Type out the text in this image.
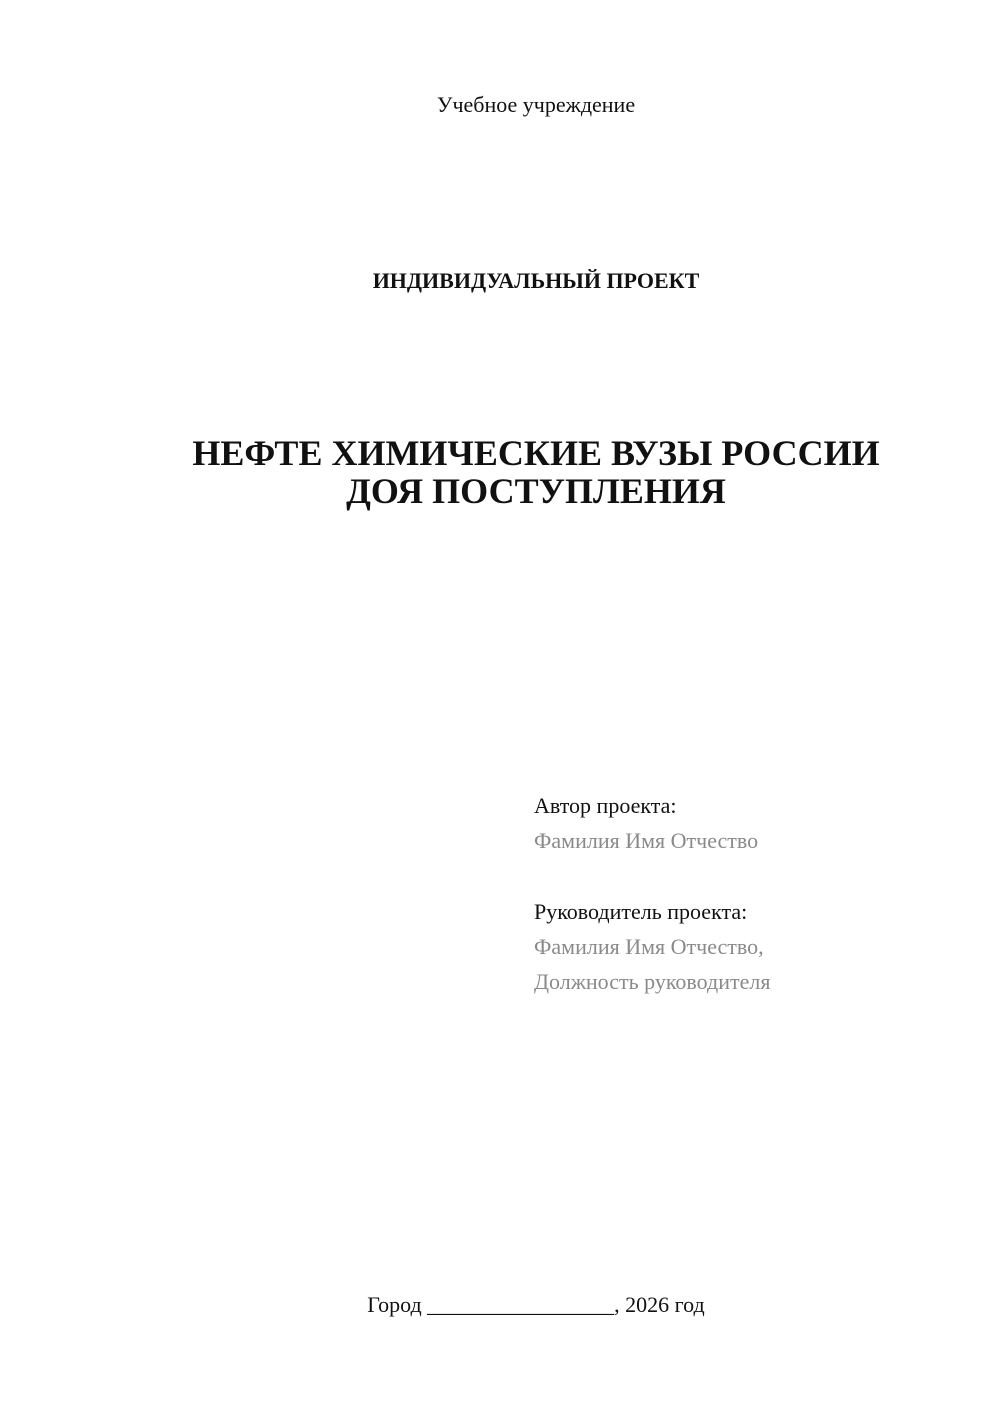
Учебное учреждение
ИНДИВИДУАЛЬНЫЙ ПРОЕКТ
НЕФТЕ ХИМИЧЕСКИЕ ВУЗЫ РОССИИ
ДОЯ ПОСТУПЛЕНИЯ
Автор проекта:
Фамилия Имя Отчество
Руководитель проекта:
Фамилия Имя Отчество,
Должность руководителя
Город _________________, 2026 год
